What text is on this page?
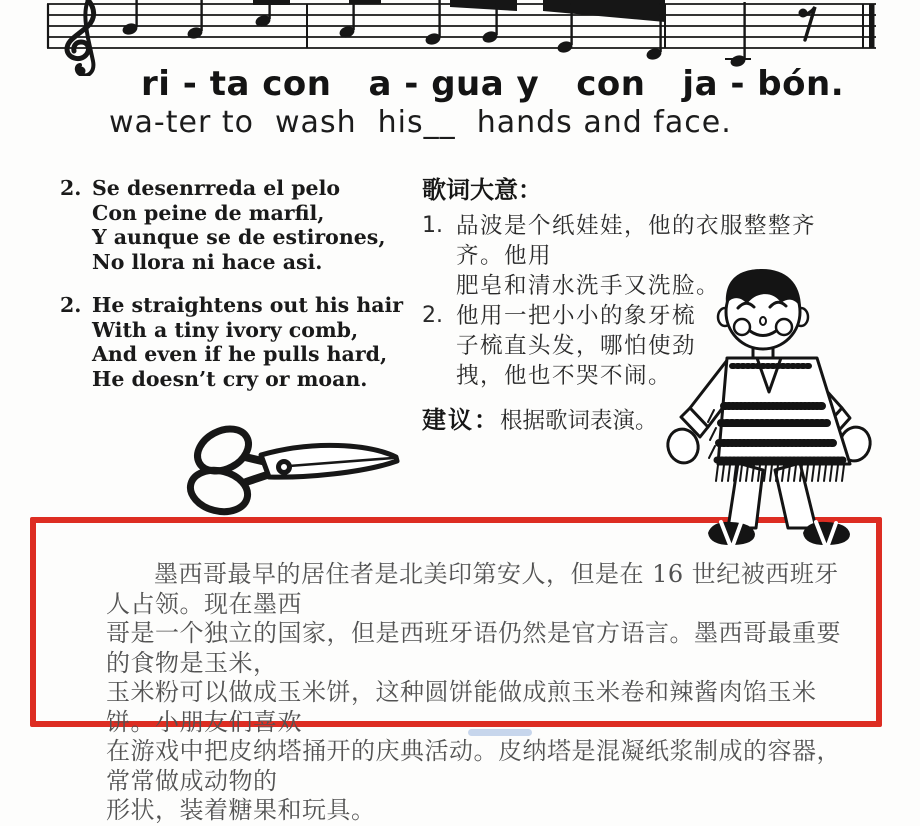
ri - ta con   a - gua y   con   ja - bón.
wa-ter to  wash  his__  hands and face.
2. Se desenrreda el pelo
Con peine de marfil,
Y aunque se de estirones,
No llora ni hace asi.
2. He straightens out his hair
With a tiny ivory comb,
And even if he pulls hard,
He doesn’t cry or moan.
歌词大意：
1. 品波是个纸娃娃，他的衣服整整齐齐。他用
肥皂和清水洗手又洗脸。
2. 他用一把小小的象牙梳
子梳直头发，哪怕使劲
拽，他也不哭不闹。
建议：根据歌词表演。
墨西哥最早的居住者是北美印第安人，但是在 16 世纪被西班牙人占领。现在墨西
哥是一个独立的国家，但是西班牙语仍然是官方语言。墨西哥最重要的食物是玉米，
玉米粉可以做成玉米饼，这种圆饼能做成煎玉米卷和辣酱肉馅玉米饼。小朋友们喜欢
在游戏中把皮纳塔捅开的庆典活动。皮纳塔是混凝纸浆制成的容器，常常做成动物的
形状，装着糖果和玩具。
